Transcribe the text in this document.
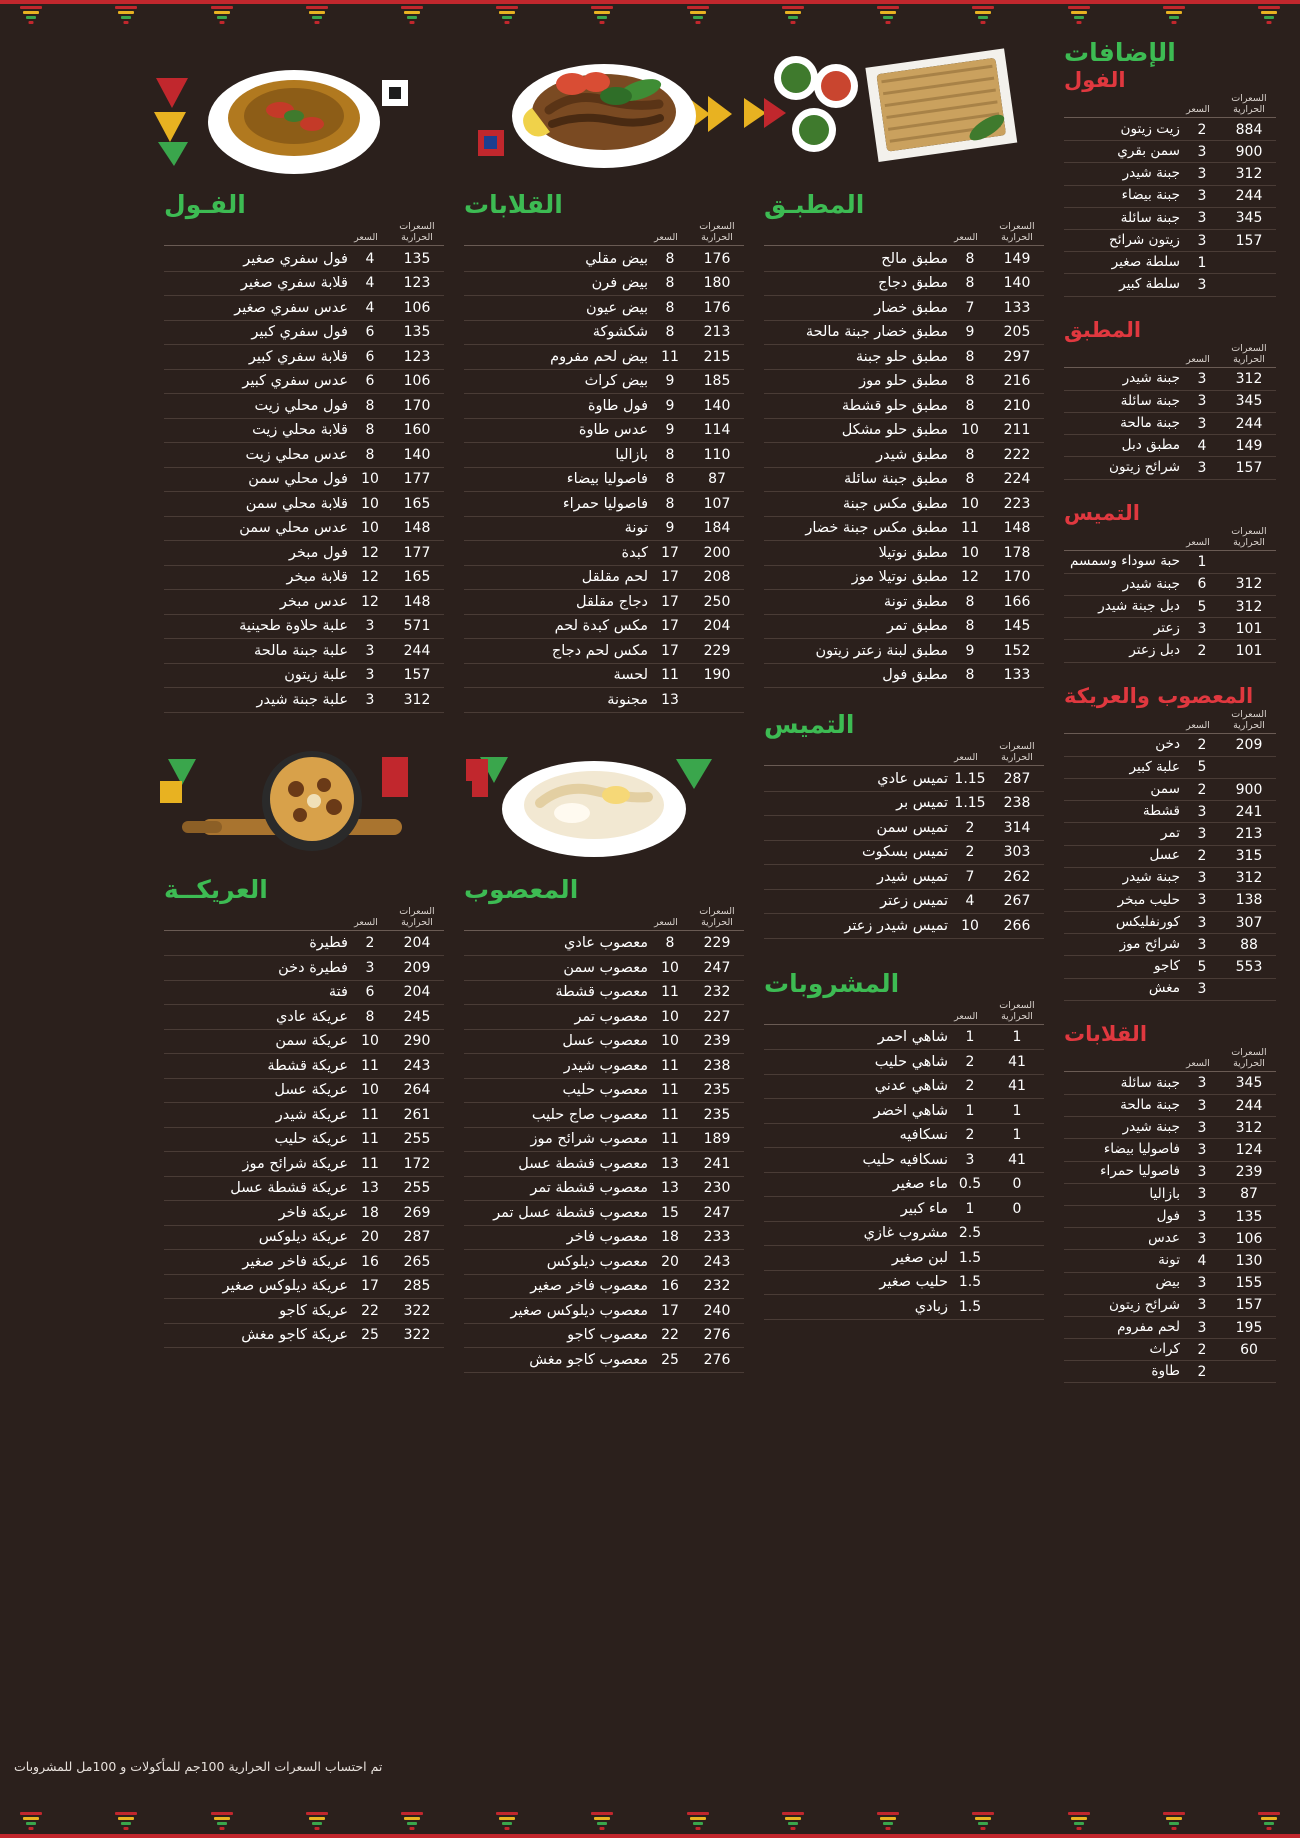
الإضافات
الفول
السعرات الحرارية
السعر
884
2
زيت زيتون
900
3
سمن بقري
312
3
جبنة شيدر
244
3
جبنة بيضاء
345
3
جبنة سائلة
157
3
زيتون شرائح
1
سلطة صغير
3
سلطة كبير
المطبق
السعرات الحرارية
السعر
312
3
جبنة شيدر
345
3
جبنة سائلة
244
3
جبنة مالحة
149
4
مطبق دبل
157
3
شرائح زيتون
التميس
السعرات الحرارية
السعر
1
حبة سوداء وسمسم
312
6
جبنة شيدر
312
5
دبل جبنة شيدر
101
3
زعتر
101
2
دبل زعتر
المعصوب والعريكة
السعرات الحرارية
السعر
209
2
دخن
5
علبة كبير
900
2
سمن
241
3
قشطة
213
3
تمر
315
2
عسل
312
3
جبنة شيدر
138
3
حليب مبخر
307
3
كورنفليكس
88
3
شرائح موز
553
5
كاجو
3
مغش
القلابات
السعرات الحرارية
السعر
345
3
جبنة سائلة
244
3
جبنة مالحة
312
3
جبنة شيدر
124
3
فاصوليا بيضاء
239
3
فاصوليا حمراء
87
3
بازاليا
135
3
فول
106
3
عدس
130
4
تونة
155
3
بيض
157
3
شرائح زيتون
195
3
لحم مفروم
60
2
كراث
2
طاوة
المطبـق
السعرات الحرارية
السعر
149
8
مطبق مالح
140
8
مطبق دجاج
133
7
مطبق خضار
205
9
مطبق خضار جبنة مالحة
297
8
مطبق حلو جبنة
216
8
مطبق حلو موز
210
8
مطبق حلو قشطة
211
10
مطبق حلو مشكل
222
8
مطبق شيدر
224
8
مطبق جبنة سائلة
223
10
مطبق مكس جبنة
148
11
مطبق مكس جبنة خضار
178
10
مطبق نوتيلا
170
12
مطبق نوتيلا موز
166
8
مطبق تونة
145
8
مطبق تمر
152
9
مطبق لبنة زعتر زيتون
133
8
مطبق فول
التميس
السعرات الحرارية
السعر
287
1.15
تميس عادي
238
1.15
تميس بر
314
2
تميس سمن
303
2
تميس بسكوت
262
7
تميس شيدر
267
4
تميس زعتر
266
10
تميس شيدر زعتر
المشروبات
السعرات الحرارية
السعر
1
1
شاهي احمر
41
2
شاهي حليب
41
2
شاهي عدني
1
1
شاهي اخضر
1
2
نسكافيه
41
3
نسكافيه حليب
0
0.5
ماء صغير
0
1
ماء كبير
2.5
مشروب غازي
1.5
لبن صغير
1.5
حليب صغير
1.5
زبادي
القلابات
السعرات الحرارية
السعر
176
8
بيض مقلي
180
8
بيض فرن
176
8
بيض عيون
213
8
شكشوكة
215
11
بيض لحم مفروم
185
9
بيض كراث
140
9
فول طاوة
114
9
عدس طاوة
110
8
بازاليا
87
8
فاصوليا بيضاء
107
8
فاصوليا حمراء
184
9
تونة
200
17
كبدة
208
17
لحم مقلقل
250
17
دجاج مقلقل
204
17
مكس كبدة لحم
229
17
مكس لحم دجاج
190
11
لحسة
13
مجنونة
المعصوب
السعرات الحرارية
السعر
229
8
معصوب عادي
247
10
معصوب سمن
232
11
معصوب قشطة
227
10
معصوب تمر
239
10
معصوب عسل
238
11
معصوب شيدر
235
11
معصوب حليب
235
11
معصوب صاج حليب
189
11
معصوب شرائح موز
241
13
معصوب قشطة عسل
230
13
معصوب قشطة تمر
247
15
معصوب قشطة عسل تمر
233
18
معصوب فاخر
243
20
معصوب ديلوكس
232
16
معصوب فاخر صغير
240
17
معصوب ديلوكس صغير
276
22
معصوب كاجو
276
25
معصوب كاجو مغش
الفـول
السعرات الحرارية
السعر
135
4
فول سفري صغير
123
4
قلابة سفري صغير
106
4
عدس سفري صغير
135
6
فول سفري كبير
123
6
قلابة سفري كبير
106
6
عدس سفري كبير
170
8
فول محلي زيت
160
8
قلابة محلي زيت
140
8
عدس محلي زيت
177
10
فول محلي سمن
165
10
قلابة محلي سمن
148
10
عدس محلي سمن
177
12
فول مبخر
165
12
قلابة مبخر
148
12
عدس مبخر
571
3
علبة حلاوة طحينية
244
3
علبة جبنة مالحة
157
3
علبة زيتون
312
3
علبة جبنة شيدر
العريكــة
السعرات الحرارية
السعر
204
2
فطيرة
209
3
فطيرة دخن
204
6
فتة
245
8
عريكة عادي
290
10
عريكة سمن
243
11
عريكة قشطة
264
10
عريكة عسل
261
11
عريكة شيدر
255
11
عريكة حليب
172
11
عريكة شرائح موز
255
13
عريكة قشطة عسل
269
18
عريكة فاخر
287
20
عريكة ديلوكس
265
16
عريكة فاخر صغير
285
17
عريكة ديلوكس صغير
322
22
عريكة كاجو
322
25
عريكة كاجو مغش
تم احتساب السعرات الحرارية 100جم للمأكولات و 100مل للمشروبات
